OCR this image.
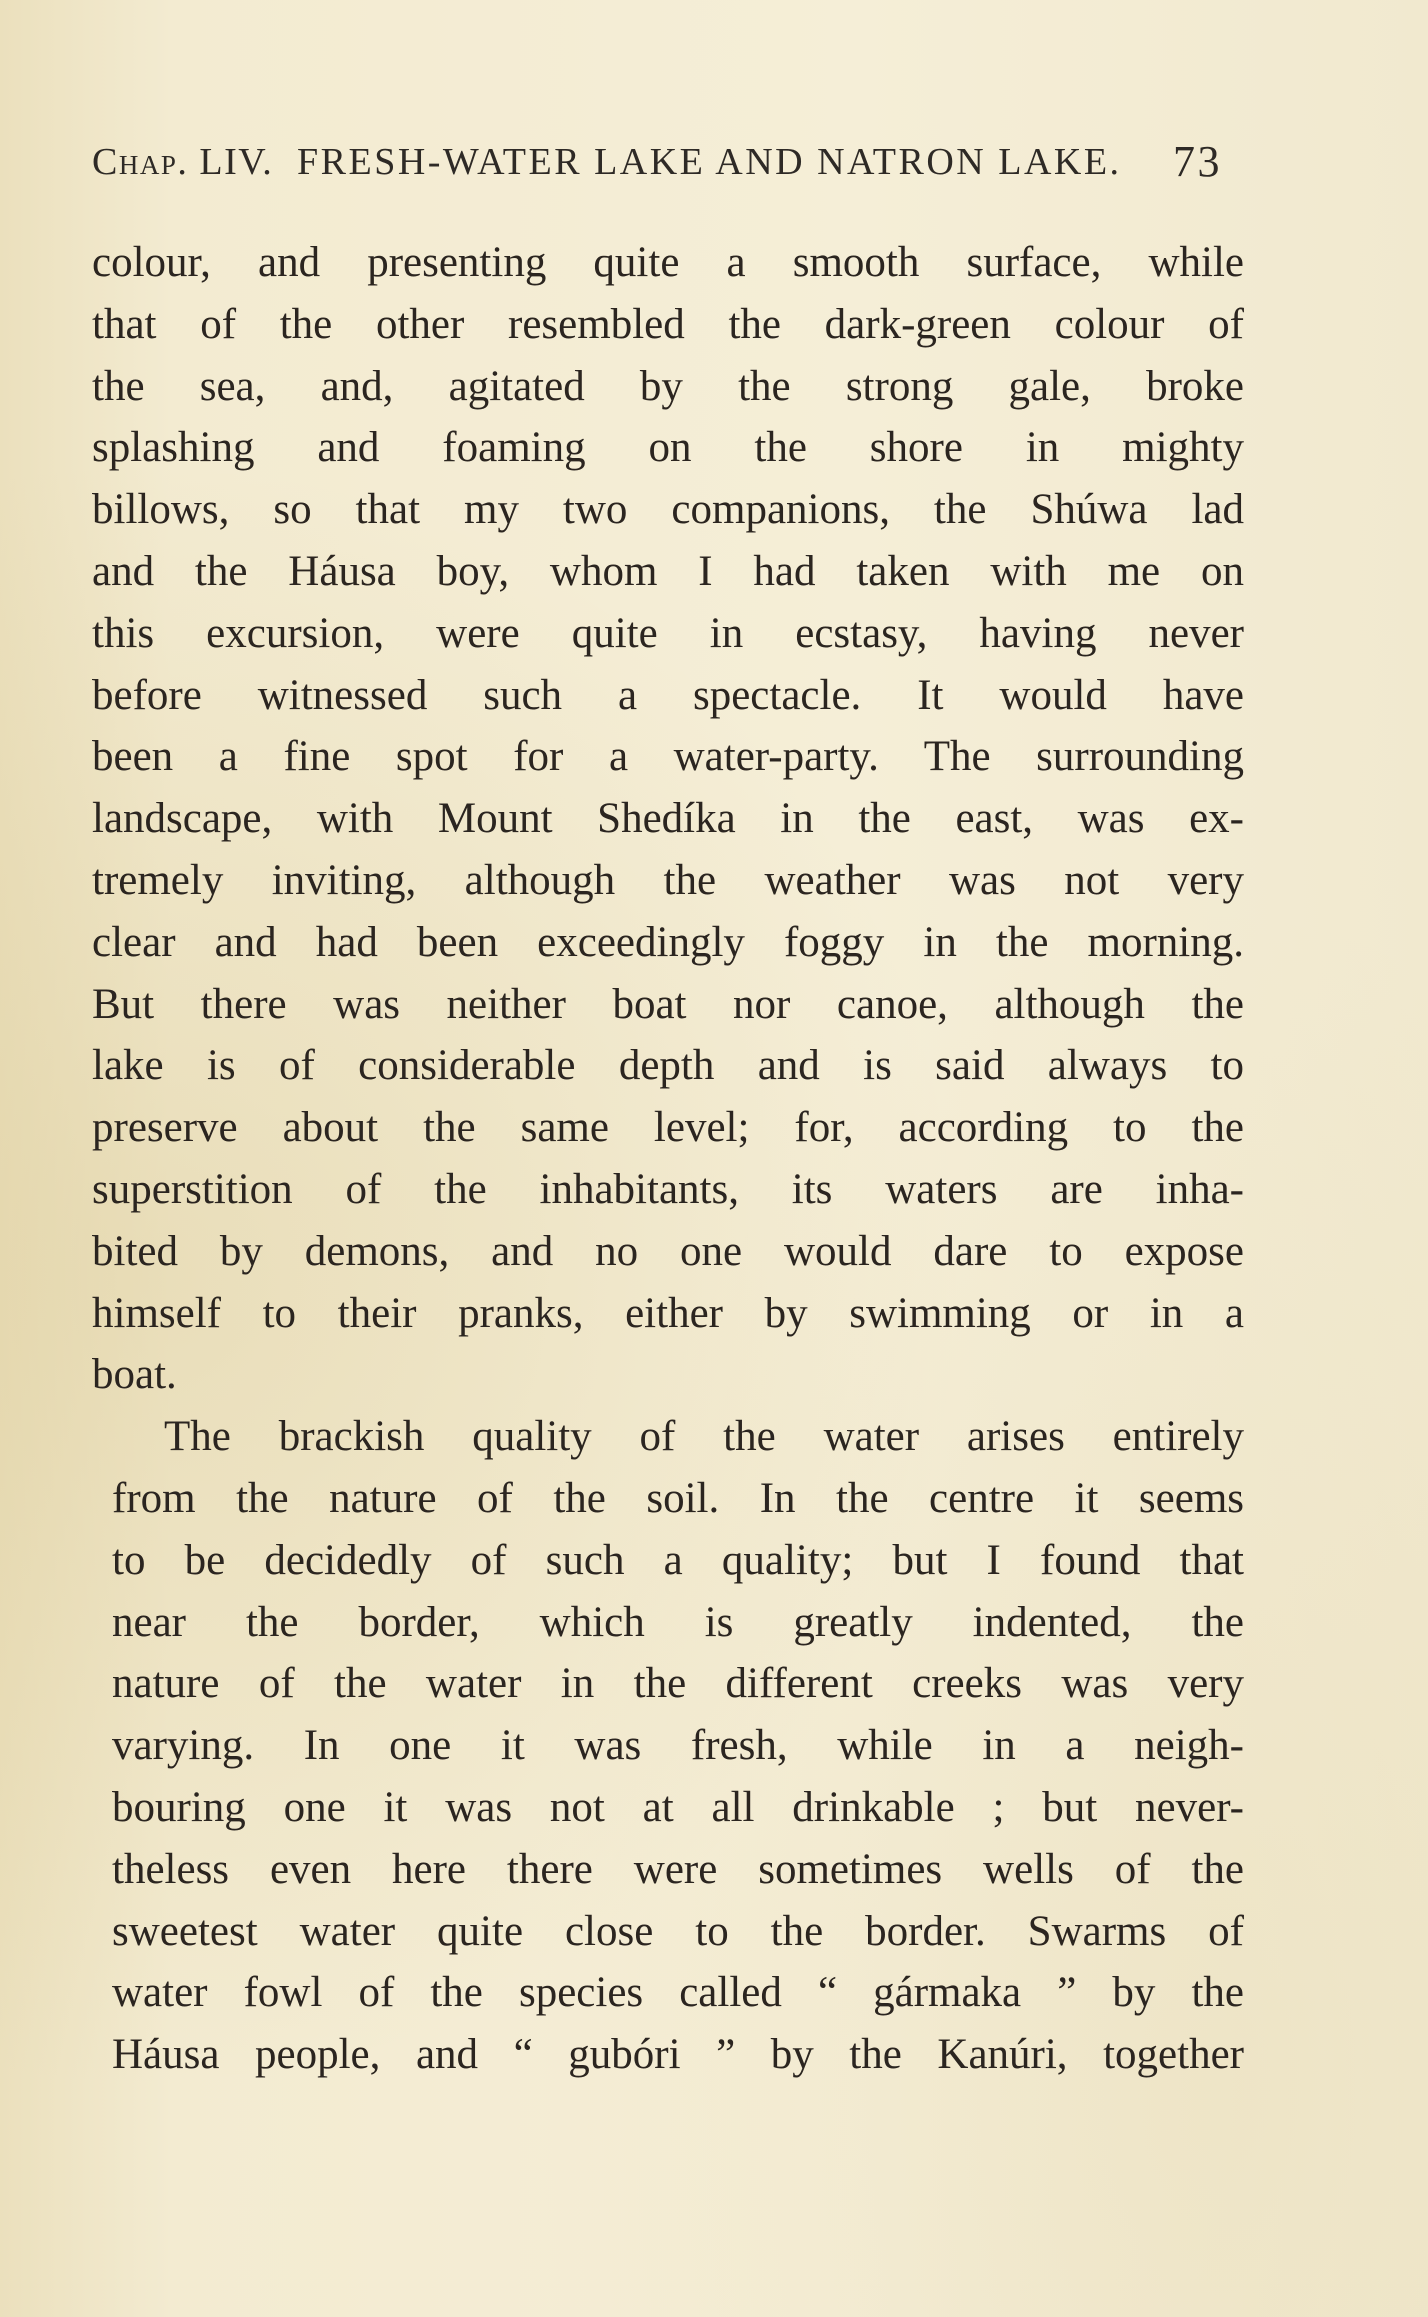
Chap. LIV. FRESH-WATER LAKE AND NATRON LAKE. 73
colour, and presenting quite a smooth surface, while
that of the other resembled the dark-green colour of
the sea, and, agitated by the strong gale, broke
splashing and foaming on the shore in mighty
billows, so that my two companions, the Shúwa lad
and the Háusa boy, whom I had taken with me on
this excursion, were quite in ecstasy, having never
before witnessed such a spectacle. It would have
been a fine spot for a water-party. The surrounding
landscape, with Mount Shedíka in the east, was ex-
tremely inviting, although the weather was not very
clear and had been exceedingly foggy in the morning.
But there was neither boat nor canoe, although the
lake is of considerable depth and is said always to
preserve about the same level; for, according to the
superstition of the inhabitants, its waters are inha-
bited by demons, and no one would dare to expose
himself to their pranks, either by swimming or in a
boat.
The brackish quality of the water arises entirely
from the nature of the soil. In the centre it seems
to be decidedly of such a quality; but I found that
near the border, which is greatly indented, the
nature of the water in the different creeks was very
varying. In one it was fresh, while in a neigh-
bouring one it was not at all drinkable ; but never-
theless even here there were sometimes wells of the
sweetest water quite close to the border. Swarms of
water fowl of the species called “ gármaka ” by the
Háusa people, and “ gubóri ” by the Kanúri, together
